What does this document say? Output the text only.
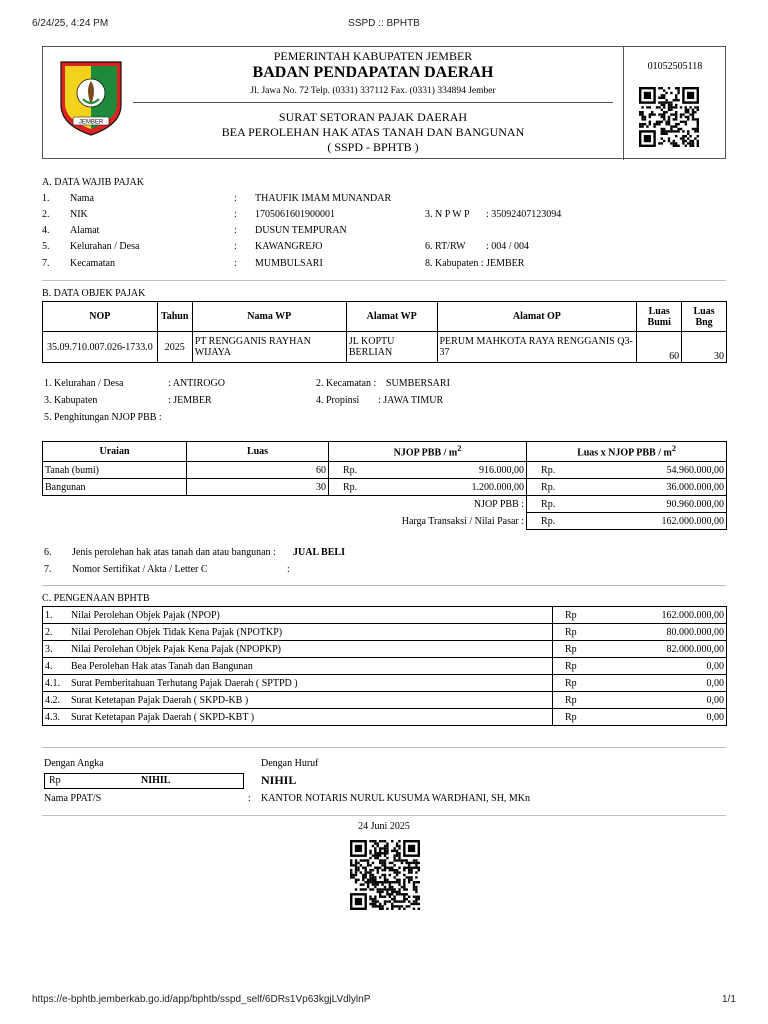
6/24/25, 4:24 PM	SSPD :: BPHTB
JEMBER
PEMERINTAH KABUPATEN JEMBER
BADAN PENDAPATAN DAERAH
Jl. Jawa No. 72 Telp. (0331) 337112 Fax. (0331) 334894 Jember
SURAT SETORAN PAJAK DAERAH
BEA PEROLEHAN HAK ATAS TANAH DAN BANGUNAN
( SSPD - BPHTB )
01052505118
A. DATA WAJIB PAJAK
1. Nama	: THAUFIK IMAM MUNANDAR
2. NIK	: 1705061601900001	3. N P W P : 35092407123094
4. Alamat	: DUSUN TEMPURAN
5. Kelurahan / Desa	: KAWANGREJO	6. RT/RW : 004 / 004
7. Kecamatan	: MUMBULSARI	8. Kabupaten : JEMBER
B. DATA OBJEK PAJAK
NOP	Tahun	Nama WP	Alamat WP	Alamat OP	Luas Bumi	Luas Bng
35.09.710.007.026-1733.0	2025	PT RENGGANIS RAYHAN WIJAYA	JL KOPTU BERLIAN	PERUM MAHKOTA RAYA RENGGANIS Q3-37	60	30
1. Kelurahan / Desa	: ANTIROGO	2. Kecamatan : SUMBERSARI
3. Kabupaten	: JEMBER	4. Propinsi : JAWA TIMUR
5. Penghitungan NJOP PBB :
Uraian	Luas	NJOP PBB / $m^2$		Luas x NJOP PBB / $m^2$
Tanah (bumi)	60	Rp.	916.000,00	Rp.	54.960.000,00
Bangunan	30	Rp.	1.200.000,00	Rp.	36.000.000,00
NJOP PBB :				Rp.	90.960.000,00
Harga Transaksi / Nilai Pasar :				Rp.	162.000.000,00
6. Jenis perolehan hak atas tanah dan atau bangunan : JUAL BELI
7. Nomor Sertifikat / Akta / Letter C	:
C. PENGENAAN BPHTB
1. Nilai Perolehan Objek Pajak (NPOP)	Rp	162.000.000,00
2. Nilai Perolehan Objek Tidak Kena Pajak (NPOTKP)	Rp	80.000.000,00
3. Nilai Perolehan Objek Pajak Kena Pajak (NPOPKP)	Rp	82.000.000,00
4. Bea Perolehan Hak atas Tanah dan Bangunan	Rp	0,00
4.1. Surat Pemberitahuan Terhutang Pajak Daerah ( SPTPD )	Rp	0,00
4.2. Surat Ketetapan Pajak Daerah ( SKPD-KB )	Rp	0,00
4.3. Surat Ketetapan Pajak Daerah ( SKPD-KBT )	Rp	0,00
Dengan Angka
Rp	NIHIL
Dengan Huruf
NIHIL
Nama PPAT/S	: KANTOR NOTARIS NURUL KUSUMA WARDHANI, SH, MKn
24 Juni 2025
https://e-bphtb.jemberkab.go.id/app/bphtb/sspd_self/6DRs1Vp63kgjLVdlylnP	1/1
